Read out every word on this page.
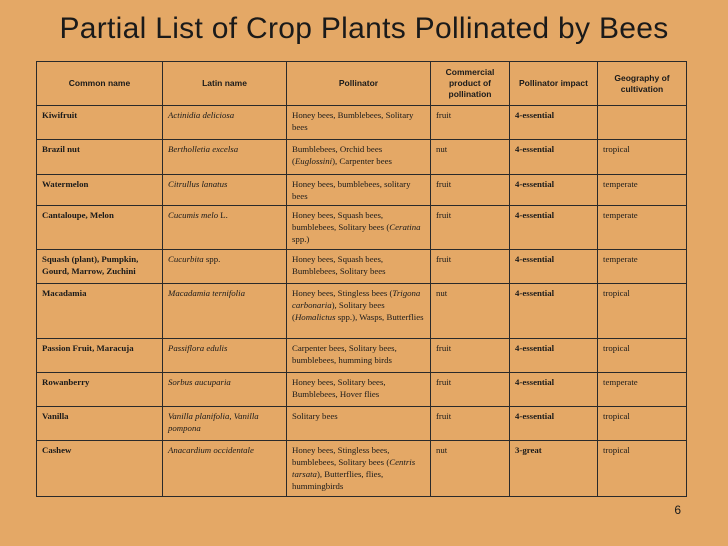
Partial List of Crop Plants Pollinated by Bees
Common name	Latin name	Pollinator	Commercial product of pollination	Pollinator impact	Geography of cultivation
Kiwifruit	Actinidia deliciosa	Honey bees, Bumblebees, Solitary bees	fruit	4-essential	
Brazil nut	Bertholletia excelsa	Bumblebees, Orchid bees (Euglossini), Carpenter bees	nut	4-essential	tropical
Watermelon	Citrullus lanatus	Honey bees, bumblebees, solitary bees	fruit	4-essential	temperate
Cantaloupe, Melon	Cucumis melo L.	Honey bees, Squash bees, bumblebees, Solitary bees (Ceratina spp.)	fruit	4-essential	temperate
Squash (plant), Pumpkin, Gourd, Marrow, Zuchini	Cucurbita spp.	Honey bees, Squash bees, Bumblebees, Solitary bees	fruit	4-essential	temperate
Macadamia	Macadamia ternifolia	Honey bees, Stingless bees (Trigona carbonaria), Solitary bees (Homalictus spp.), Wasps, Butterflies	nut	4-essential	tropical
Passion Fruit, Maracuja	Passiflora edulis	Carpenter bees, Solitary bees, bumblebees, humming birds	fruit	4-essential	tropical
Rowanberry	Sorbus aucuparia	Honey bees, Solitary bees, Bumblebees, Hover flies	fruit	4-essential	temperate
Vanilla	Vanilla planifolia, Vanilla pompona	Solitary bees	fruit	4-essential	tropical
Cashew	Anacardium occidentale	Honey bees, Stingless bees, bumblebees, Solitary bees (Centris tarsata), Butterflies, flies, hummingbirds	nut	3-great	tropical
6
